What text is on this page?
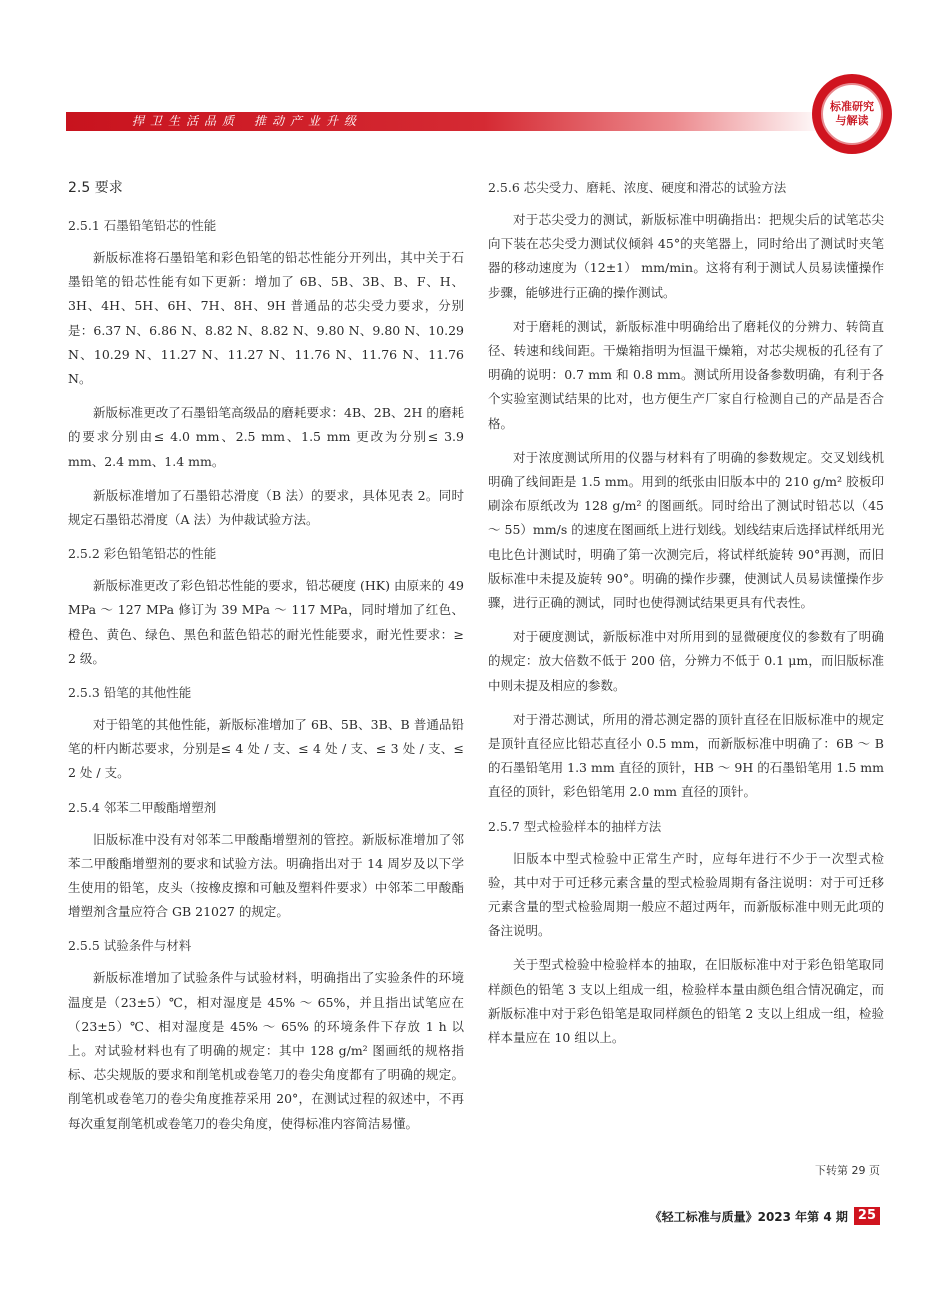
捍卫生活品质 推动产业升级
标准研究
与解读
2.5 要求
2.5.1 石墨铅笔铅芯的性能

新版标准将石墨铅笔和彩色铅笔的铅芯性能分开列出，其中关于石墨铅笔的铅芯性能有如下更新：增加了 6B、5B、3B、B、F、H、3H、4H、5H、6H、7H、8H、9H 普通品的芯尖受力要求，分别是：6.37 N、6.86 N、8.82 N、8.82 N、9.80 N、9.80 N、10.29 N、10.29 N、11.27 N、11.27 N、11.76 N、11.76 N、11.76 N。

新版标准更改了石墨铅笔高级品的磨耗要求：4B、2B、2H 的磨耗的要求分别由≤ 4.0 mm、2.5 mm、1.5 mm 更改为分别≤ 3.9 mm、2.4 mm、1.4 mm。

新版标准增加了石墨铅芯滑度（B 法）的要求，具体见表 2。同时规定石墨铅芯滑度（A 法）为仲裁试验方法。

2.5.2 彩色铅笔铅芯的性能

新版标准更改了彩色铅芯性能的要求，铅芯硬度 (HK) 由原来的 49 MPa ～ 127 MPa 修订为 39 MPa ～ 117 MPa，同时增加了红色、橙色、黄色、绿色、黑色和蓝色铅芯的耐光性能要求，耐光性要求：≥ 2 级。

2.5.3 铅笔的其他性能

对于铅笔的其他性能，新版标准增加了 6B、5B、3B、B 普通品铅笔的杆内断芯要求，分别是≤ 4 处 / 支、≤ 4 处 / 支、≤ 3 处 / 支、≤ 2 处 / 支。

2.5.4 邻苯二甲酸酯增塑剂

旧版标准中没有对邻苯二甲酸酯增塑剂的管控。新版标准增加了邻苯二甲酸酯增塑剂的要求和试验方法。明确指出对于 14 周岁及以下学生使用的铅笔，皮头（按橡皮擦和可触及塑料件要求）中邻苯二甲酸酯增塑剂含量应符合 GB 21027 的规定。

2.5.5 试验条件与材料

新版标准增加了试验条件与试验材料，明确指出了实验条件的环境温度是（23±5）℃，相对湿度是 45% ～ 65%，并且指出试笔应在（23±5）℃、相对湿度是 45% ～ 65% 的环境条件下存放 1 h 以上。对试验材料也有了明确的规定：其中 128 g/m² 图画纸的规格指标、芯尖规版的要求和削笔机或卷笔刀的卷尖角度都有了明确的规定。削笔机或卷笔刀的卷尖角度推荐采用 20°，在测试过程的叙述中，不再每次重复削笔机或卷笔刀的卷尖角度，使得标准内容简洁易懂。

2.5.6 芯尖受力、磨耗、浓度、硬度和滑芯的试验方法

对于芯尖受力的测试，新版标准中明确指出：把规尖后的试笔芯尖向下装在芯尖受力测试仪倾斜 45°的夹笔器上，同时给出了测试时夹笔器的移动速度为（12±1） mm/min。这将有利于测试人员易读懂操作步骤，能够进行正确的操作测试。

对于磨耗的测试，新版标准中明确给出了磨耗仪的分辨力、转筒直径、转速和线间距。干燥箱指明为恒温干燥箱，对芯尖规板的孔径有了明确的说明：0.7 mm 和 0.8 mm。测试所用设备参数明确，有利于各个实验室测试结果的比对，也方便生产厂家自行检测自己的产品是否合格。

对于浓度测试所用的仪器与材料有了明确的参数规定。交叉划线机明确了线间距是 1.5 mm。用到的纸张由旧版本中的 210 g/m² 胶板印刷涂布原纸改为 128 g/m² 的图画纸。同时给出了测试时铅芯以（45 ～ 55）mm/s 的速度在图画纸上进行划线。划线结束后选择试样纸用光电比色计测试时，明确了第一次测完后，将试样纸旋转 90°再测，而旧版标准中未提及旋转 90°。明确的操作步骤，使测试人员易读懂操作步骤，进行正确的测试，同时也使得测试结果更具有代表性。

对于硬度测试，新版标准中对所用到的显微硬度仪的参数有了明确的规定：放大倍数不低于 200 倍，分辨力不低于 0.1 μm，而旧版标准中则未提及相应的参数。

对于滑芯测试，所用的滑芯测定器的顶针直径在旧版标准中的规定是顶针直径应比铅芯直径小 0.5 mm，而新版标准中明确了：6B ～ B 的石墨铅笔用 1.3 mm 直径的顶针，HB ～ 9H 的石墨铅笔用 1.5 mm 直径的顶针，彩色铅笔用 2.0 mm 直径的顶针。

2.5.7 型式检验样本的抽样方法

旧版本中型式检验中正常生产时，应每年进行不少于一次型式检验，其中对于可迁移元素含量的型式检验周期有备注说明：对于可迁移元素含量的型式检验周期一般应不超过两年，而新版标准中则无此项的备注说明。

关于型式检验中检验样本的抽取，在旧版标准中对于彩色铅笔取同样颜色的铅笔 3 支以上组成一组，检验样本量由颜色组合情况确定，而新版标准中对于彩色铅笔是取同样颜色的铅笔 2 支以上组成一组，检验样本量应在 10 组以上。

下转第 29 页
《轻工标准与质量》2023 年第 4 期 25
